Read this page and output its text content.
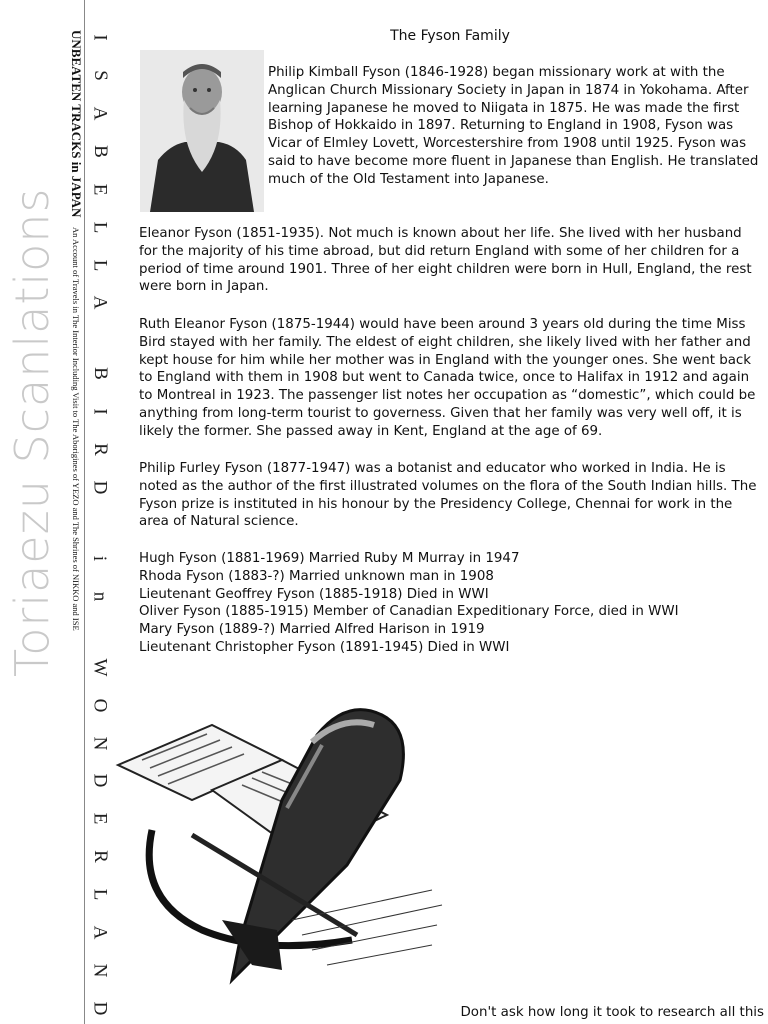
Toriaezu Scanlations
UNBEATEN TRACKS in JAPAN An Account of Travels in The Interior Including Visit to The Aborigines of YEZO and The Shrines of NIKKO and ISE
I
S
A
B
E
L
L
A
B
I
R
D
i
n
W
O
N
D
E
R
L
A
N
D
The Fyson Family
Philip Kimball Fyson (1846-1928) began missionary work at with the Anglican Church Missionary Society in Japan in 1874 in Yokohama. After learning Japanese he moved to Niigata in 1875. He was made the first Bishop of Hokkaido in 1897. Returning to England in 1908, Fyson was Vicar of Elmley Lovett, Worcestershire from 1908 until 1925. Fyson was said to have become more fluent in Japanese than English. He translated much of the Old Testament into Japanese.
Eleanor Fyson (1851-1935). Not much is known about her life. She lived with her husband for the majority of his time abroad, but did return England with some of her children for a period of time around 1901. Three of her eight children were born in Hull, England, the rest were born in Japan.
Ruth Eleanor Fyson (1875-1944) would have been around 3 years old during the time Miss Bird stayed with her family. The eldest of eight children, she likely lived with her father and kept house for him while her mother was in England with the younger ones. She went back to England with them in 1908 but went to Canada twice, once to Halifax in 1912 and again to Montreal in 1923. The passenger list notes her occupation as “domestic”, which could be anything from long-term tourist to governess. Given that her family was very well off, it is likely the former. She passed away in Kent, England at the age of 69.
Philip Furley Fyson (1877-1947) was a botanist and educator who worked in India. He is noted as the author of the first illustrated volumes on the flora of the South Indian hills. The Fyson prize is instituted in his honour by the Presidency College, Chennai for work in the area of Natural science.
Hugh Fyson (1881-1969) Married Ruby M Murray in 1947
Rhoda Fyson (1883-?) Married unknown man in 1908
Lieutenant Geoffrey Fyson (1885-1918) Died in WWI
Oliver Fyson (1885-1915) Member of Canadian Expeditionary Force, died in WWI
Mary Fyson (1889-?) Married Alfred Harison in 1919
Lieutenant Christopher Fyson (1891-1945) Died in WWI
Don't ask how long it took to research all this
